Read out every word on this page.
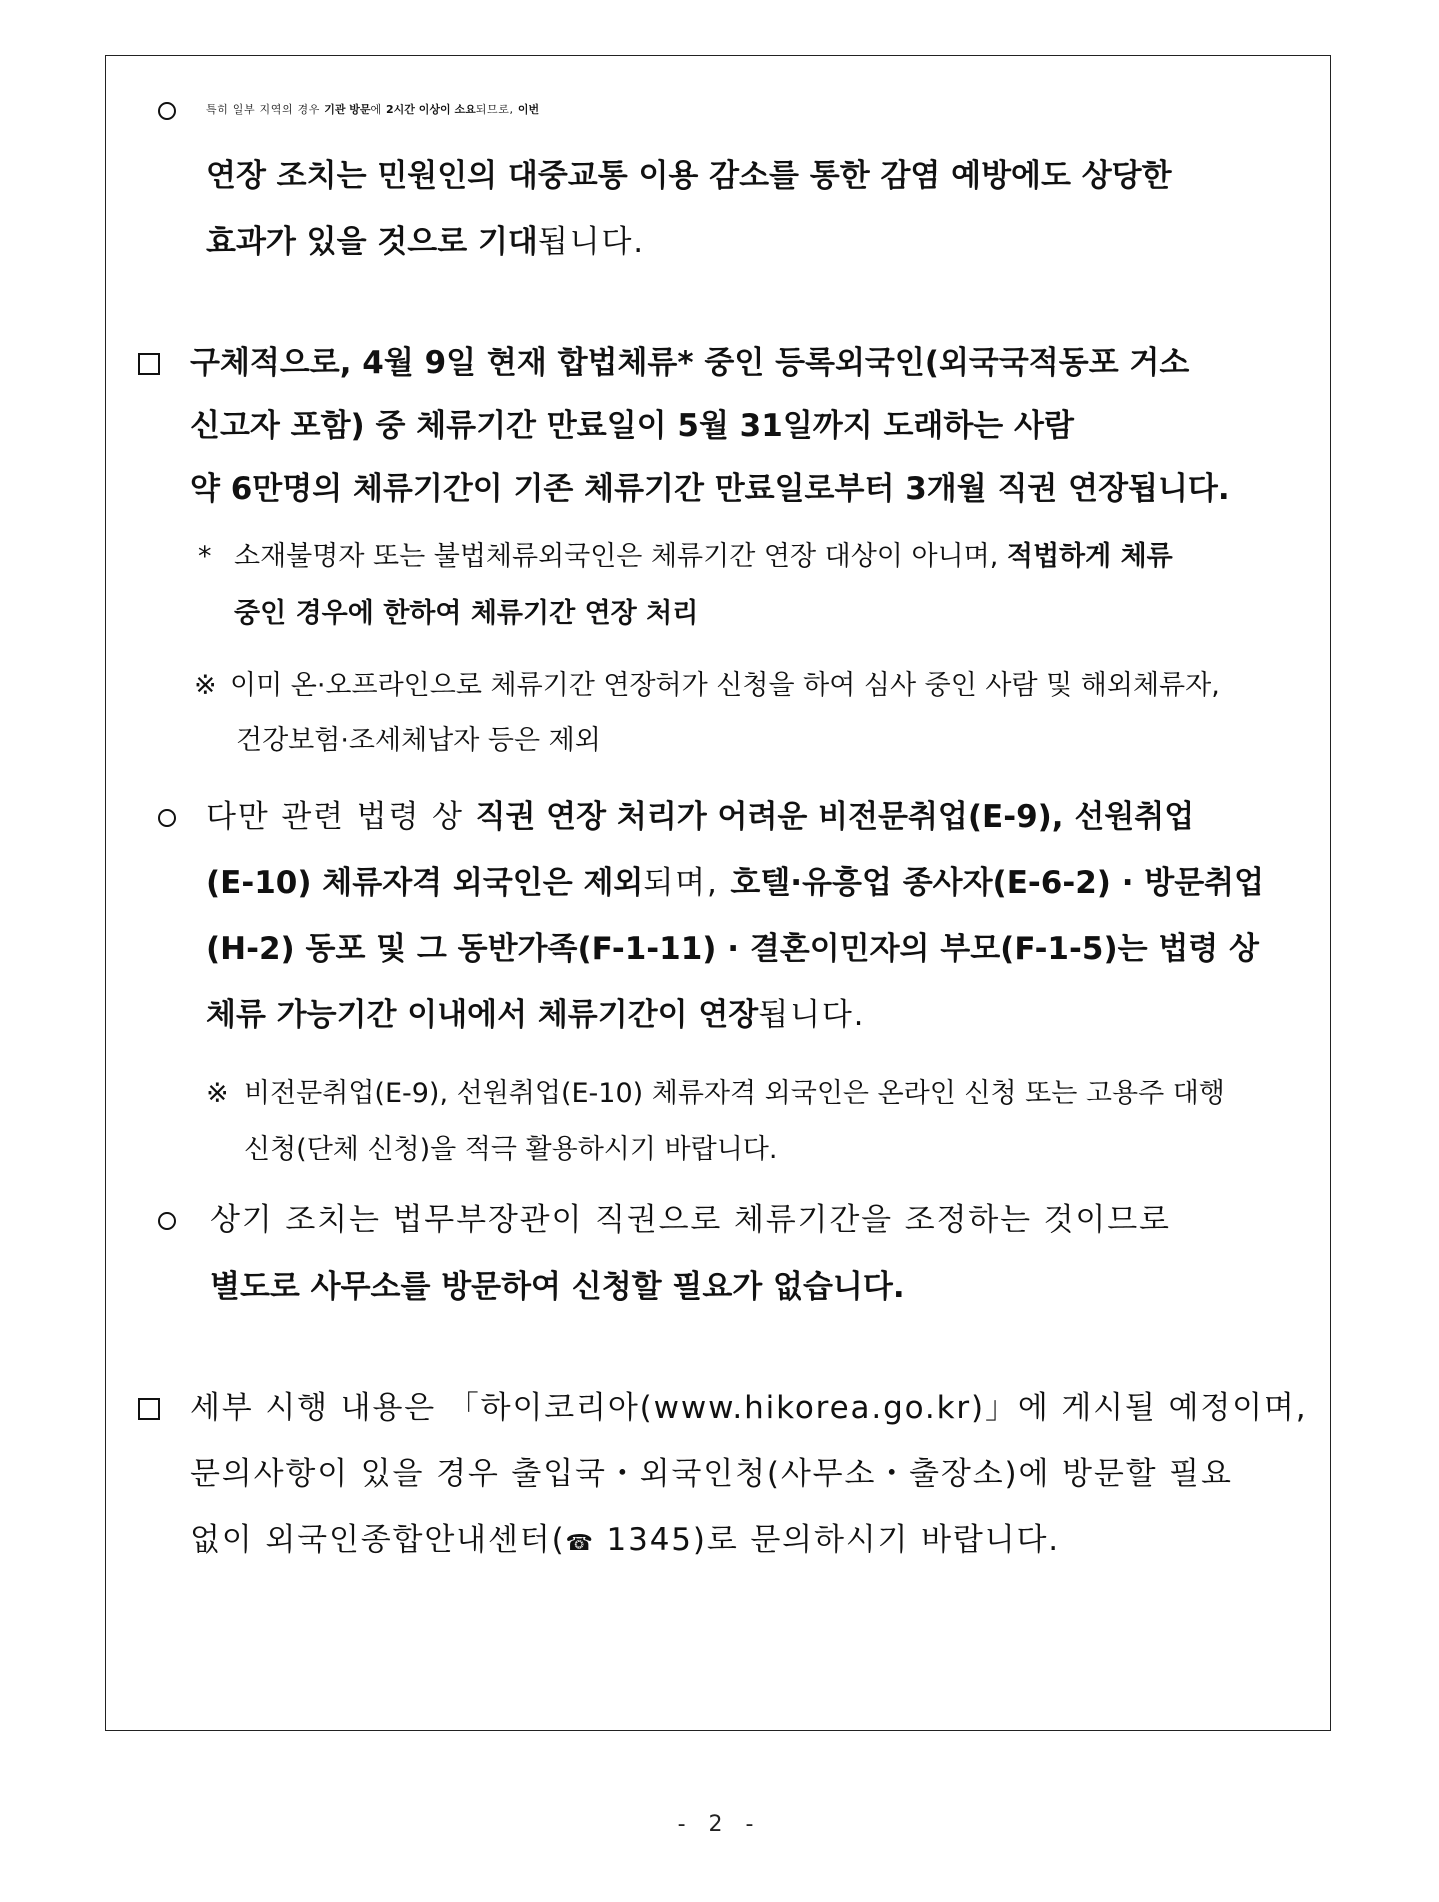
특히 일부 지역의 경우 기관 방문에 2시간 이상이 소요되므로, 이번
연장 조치는 민원인의 대중교통 이용 감소를 통한 감염 예방에도 상당한
효과가 있을 것으로 기대됩니다.
구체적으로, 4월 9일 현재 합법체류* 중인 등록외국인(외국국적동포 거소
신고자 포함) 중 체류기간 만료일이 5월 31일까지 도래하는 사람
약 6만명의 체류기간이 기존 체류기간 만료일로부터 3개월 직권 연장됩니다.
* 소재불명자 또는 불법체류외국인은 체류기간 연장 대상이 아니며, 적법하게 체류
중인 경우에 한하여 체류기간 연장 처리
※ 이미 온·오프라인으로 체류기간 연장허가 신청을 하여 심사 중인 사람 및 해외체류자,
건강보험·조세체납자 등은 제외
다만 관련 법령 상 직권 연장 처리가 어려운 비전문취업(E-9), 선원취업
(E-10) 체류자격 외국인은 제외되며, 호텔·유흥업 종사자(E-6-2) · 방문취업
(H-2) 동포 및 그 동반가족(F-1-11) · 결혼이민자의 부모(F-1-5)는 법령 상
체류 가능기간 이내에서 체류기간이 연장됩니다.
※ 비전문취업(E-9), 선원취업(E-10) 체류자격 외국인은 온라인 신청 또는 고용주 대행
신청(단체 신청)을 적극 활용하시기 바랍니다.
상기 조치는 법무부장관이 직권으로 체류기간을 조정하는 것이므로
별도로 사무소를 방문하여 신청할 필요가 없습니다.
세부 시행 내용은 「하이코리아(www.hikorea.go.kr)」에 게시될 예정이며,
문의사항이 있을 경우 출입국・외국인청(사무소・출장소)에 방문할 필요
없이 외국인종합안내센터(☎ 1345)로 문의하시기 바랍니다.
- 2 -
